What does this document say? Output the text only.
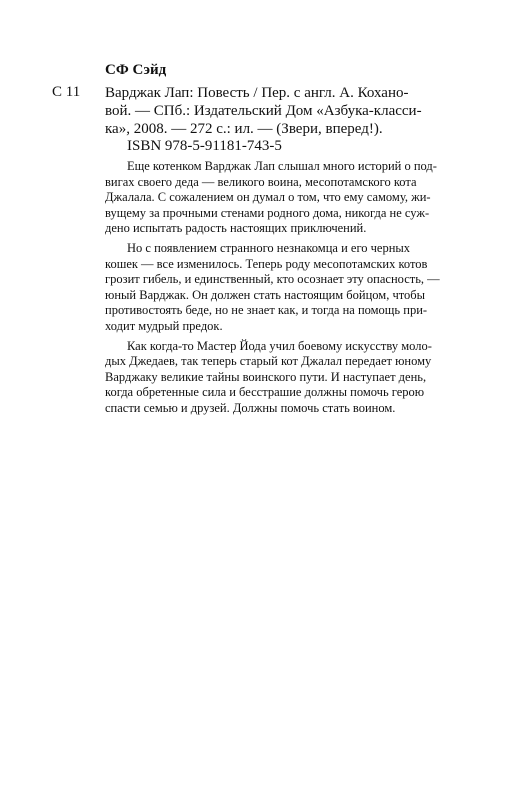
СФ Сэйд
С 11 Варджак Лап: Повесть / Пер. с англ. А. Кохано-
вой. — СПб.: Издательский Дом «Азбука-класси-
ка», 2008. — 272 с.: ил. — (Звери, вперед!).
ISBN 978-5-91181-743-5
Еще котенком Варджак Лап слышал много историй о под-
вигах своего деда — великого воина, месопотамского кота
Джалала. С сожалением он думал о том, что ему самому, жи-
вущему за прочными стенами родного дома, никогда не суж-
дено испытать радость настоящих приключений.
Но с появлением странного незнакомца и его черных
кошек — все изменилось. Теперь роду месопотамских котов
грозит гибель, и единственный, кто осознает эту опасность, —
юный Варджак. Он должен стать настоящим бойцом, чтобы
противостоять беде, но не знает как, и тогда на помощь при-
ходит мудрый предок.
Как когда-то Мастер Йода учил боевому искусству моло-
дых Джедаев, так теперь старый кот Джалал передает юному
Варджаку великие тайны воинского пути. И наступает день,
когда обретенные сила и бесстрашие должны помочь герою
спасти семью и друзей. Должны помочь стать воином.
